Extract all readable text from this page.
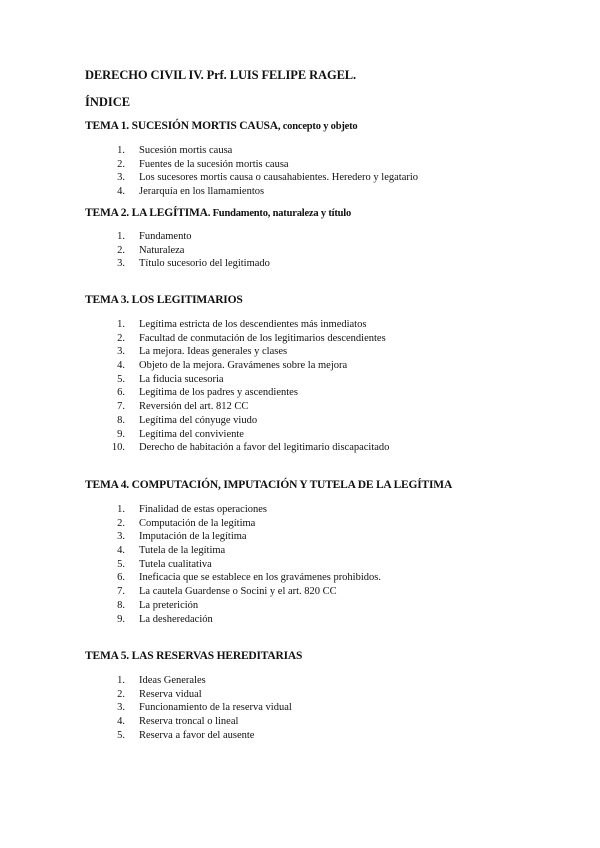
DERECHO CIVIL IV. Prf. LUIS FELIPE RAGEL.
ÍNDICE
TEMA 1. SUCESIÓN MORTIS CAUSA, concepto y objeto
1. Sucesión mortis causa
2. Fuentes de la sucesión mortis causa
3. Los sucesores mortis causa o causahabientes. Heredero y legatario
4. Jerarquía en los llamamientos
TEMA 2. LA LEGÍTIMA. Fundamento, naturaleza y título
1. Fundamento
2. Naturaleza
3. Título sucesorio del legitimado
TEMA 3. LOS LEGITIMARIOS
1. Legítima estricta de los descendientes más inmediatos
2. Facultad de conmutación de los legitimarios descendientes
3. La mejora. Ideas generales y clases
4. Objeto de la mejora. Gravámenes sobre la mejora
5. La fiducia sucesoria
6. Legítima de los padres y ascendientes
7. Reversión del art. 812 CC
8. Legítima del cónyuge viudo
9. Legítima del conviviente
10. Derecho de habitación a favor del legitimario discapacitado
TEMA 4. COMPUTACIÓN, IMPUTACIÓN Y TUTELA DE LA LEGÍTIMA
1. Finalidad de estas operaciones
2. Computación de la legítima
3. Imputación de la legítima
4. Tutela de la legítima
5. Tutela cualitativa
6. Ineficacia que se establece en los gravámenes prohibidos.
7. La cautela Guardense o Socini y el art. 820 CC
8. La preterición
9. La desheredación
TEMA 5. LAS RESERVAS HEREDITARIAS
1. Ideas Generales
2. Reserva vidual
3. Funcionamiento de la reserva vidual
4. Reserva troncal o lineal
5. Reserva a favor del ausente
